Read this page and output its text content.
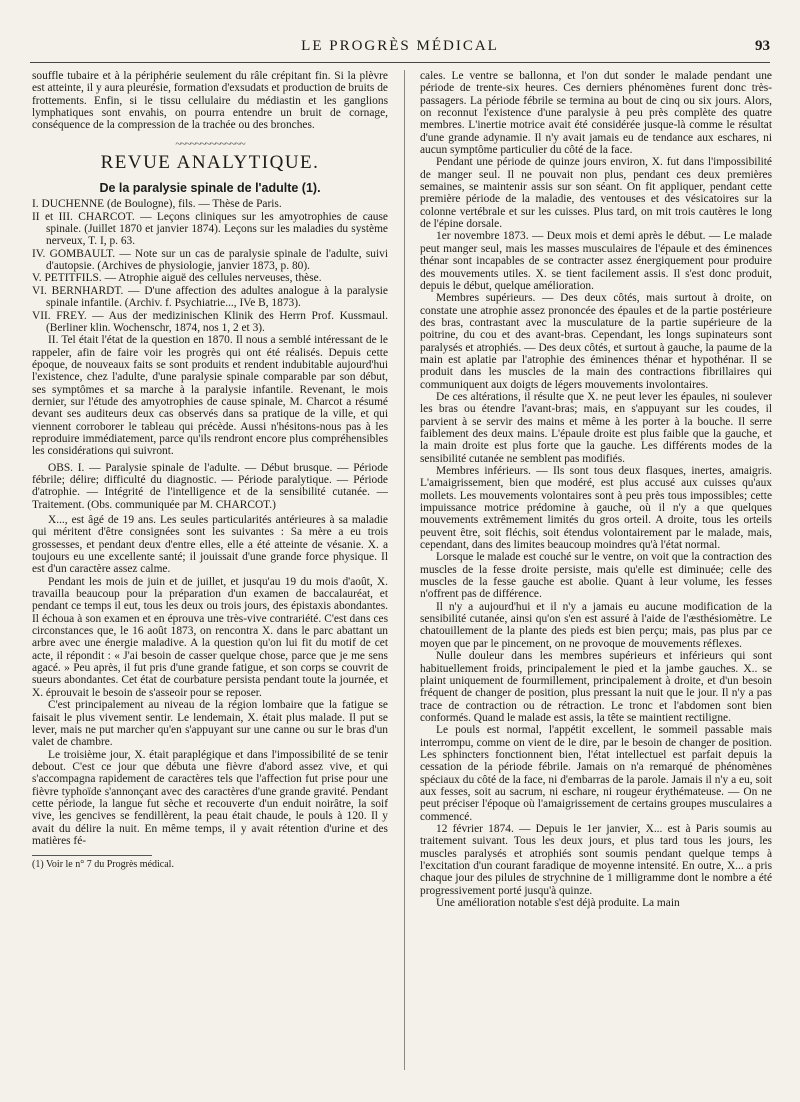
LE PROGRÈS MÉDICAL	93

souffle tubaire et à la périphérie seulement du râle crépitant fin. Si la plèvre est atteinte, il y aura pleurésie, formation d'exsudats et production de bruits de frottements. Enfin, si le tissu cellulaire du médiastin et les ganglions lymphatiques sont envahis, on pourra entendre un bruit de cornage, conséquence de la compression de la trachée ou des bronches.

~~~~~~~~~~~~~~
REVUE ANALYTIQUE.
De la paralysie spinale de l'adulte (1).

I. DUCHENNE (de Boulogne), fils. — Thèse de Paris.

II et III. CHARCOT. — Leçons cliniques sur les amyotrophies de cause spinale. (Juillet 1870 et janvier 1874). Leçons sur les maladies du système nerveux, T. I, p. 63.

IV. GOMBAULT. — Note sur un cas de paralysie spinale de l'adulte, suivi d'autopsie. (Archives de physiologie, janvier 1873, p. 80).

V. PETITFILS. — Atrophie aiguë des cellules nerveuses, thèse.

VI. BERNHARDT. — D'une affection des adultes analogue à la paralysie spinale infantile. (Archiv. f. Psychiatrie..., IVe B, 1873).

VII. FREY. — Aus der medizinischen Klinik des Herrn Prof. Kussmaul. (Berliner klin. Wochenschr, 1874, nos 1, 2 et 3).

II. Tel était l'état de la question en 1870. Il nous a semblé intéressant de le rappeler, afin de faire voir les progrès qui ont été réalisés. Depuis cette époque, de nouveaux faits se sont produits et rendent indubitable aujourd'hui l'existence, chez l'adulte, d'une paralysie spinale comparable par son début, ses symptômes et sa marche à la paralysie infantile. Revenant, le mois dernier, sur l'étude des amyotrophies de cause spinale, M. Charcot a résumé devant ses auditeurs deux cas observés dans sa pratique de la ville, et qui viennent corroborer le tableau qui précède. Aussi n'hésitons-nous pas à les reproduire immédiatement, parce qu'ils rendront encore plus compréhensibles les considérations qui suivront.

OBS. I. — Paralysie spinale de l'adulte. — Début brusque. — Période fébrile; délire; difficulté du diagnostic. — Période paralytique. — Période d'atrophie. — Intégrité de l'intelligence et de la sensibilité cutanée. — Traitement. (Obs. communiquée par M. CHARCOT.)

X..., est âgé de 19 ans. Les seules particularités antérieures à sa maladie qui méritent d'être consignées sont les suivantes : Sa mère a eu trois grossesses, et pendant deux d'entre elles, elle a été atteinte de vésanie. X. a toujours eu une excellente santé; il jouissait d'une grande force physique. Il est d'un caractère assez calme.

Pendant les mois de juin et de juillet, et jusqu'au 19 du mois d'août, X. travailla beaucoup pour la préparation d'un examen de baccalauréat, et pendant ce temps il eut, tous les deux ou trois jours, des épistaxis abondantes. Il échoua à son examen et en éprouva une très-vive contrariété. C'est dans ces circonstances que, le 16 août 1873, on rencontra X. dans le parc abattant un arbre avec une énergie maladive. A la question qu'on lui fit du motif de cet acte, il répondit : « J'ai besoin de casser quelque chose, parce que je me sens agacé. » Peu après, il fut pris d'une grande fatigue, et son corps se couvrit de sueurs abondantes. Cet état de courbature persista pendant toute la journée, et X. éprouvait le besoin de s'asseoir pour se reposer.

C'est principalement au niveau de la région lombaire que la fatigue se faisait le plus vivement sentir. Le lendemain, X. était plus malade. Il put se lever, mais ne put marcher qu'en s'appuyant sur une canne ou sur le bras d'un valet de chambre.

Le troisième jour, X. était paraplégique et dans l'impossibilité de se tenir debout. C'est ce jour que débuta une fièvre d'abord assez vive, et qui s'accompagna rapidement de caractères tels que l'affection fut prise pour une fièvre typhoïde s'annonçant avec des caractères d'une grande gravité. Pendant cette période, la langue fut sèche et recouverte d'un enduit noirâtre, la soif vive, les gencives se fendillèrent, la peau était chaude, le pouls à 120. Il y avait du délire la nuit. En même temps, il y avait rétention d'urine et des matières fé-

(1) Voir le n° 7 du Progrès médical.

cales. Le ventre se ballonna, et l'on dut sonder le malade pendant une période de trente-six heures. Ces derniers phénomènes furent donc très-passagers. La période fébrile se termina au bout de cinq ou six jours. Alors, on reconnut l'existence d'une paralysie à peu près complète des quatre membres. L'inertie motrice avait été considérée jusque-là comme le résultat d'une grande adynamie. Il n'y avait jamais eu de tendance aux eschares, ni aucun symptôme particulier du côté de la face.

Pendant une période de quinze jours environ, X. fut dans l'impossibilité de manger seul. Il ne pouvait non plus, pendant ces deux premières semaines, se maintenir assis sur son séant. On fit appliquer, pendant cette première période de la maladie, des ventouses et des vésicatoires sur la colonne vertébrale et sur les cuisses. Plus tard, on mit trois cautères le long de l'épine dorsale.

1er novembre 1873. — Deux mois et demi après le début. — Le malade peut manger seul, mais les masses musculaires de l'épaule et des éminences thénar sont incapables de se contracter assez énergiquement pour produire des mouvements utiles. X. se tient facilement assis. Il s'est donc produit, depuis le début, quelque amélioration.

Membres supérieurs. — Des deux côtés, mais surtout à droite, on constate une atrophie assez prononcée des épaules et de la partie postérieure des bras, contrastant avec la musculature de la partie supérieure de la poitrine, du cou et des avant-bras. Cependant, les longs supinateurs sont paralysés et atrophiés. — Des deux côtés, et surtout à gauche, la paume de la main est aplatie par l'atrophie des éminences thénar et hypothénar. Il se produit dans les muscles de la main des contractions fibrillaires qui communiquent aux doigts de légers mouvements involontaires.

De ces altérations, il résulte que X. ne peut lever les épaules, ni soulever les bras ou étendre l'avant-bras; mais, en s'appuyant sur les coudes, il parvient à se servir des mains et même à les porter à la bouche. Il serre faiblement des deux mains. L'épaule droite est plus faible que la gauche, et la main droite est plus forte que la gauche. Les différents modes de la sensibilité cutanée ne semblent pas modifiés.

Membres inférieurs. — Ils sont tous deux flasques, inertes, amaigris. L'amaigrissement, bien que modéré, est plus accusé aux cuisses qu'aux mollets. Les mouvements volontaires sont à peu près tous impossibles; cette impuissance motrice prédomine à gauche, où il n'y a que quelques mouvements extrêmement limités du gros orteil. A droite, tous les orteils peuvent être, soit fléchis, soit étendus volontairement par le malade, mais, cependant, dans des limites beaucoup moindres qu'à l'état normal.

Lorsque le malade est couché sur le ventre, on voit que la contraction des muscles de la fesse droite persiste, mais qu'elle est diminuée; celle des muscles de la fesse gauche est abolie. Quant à leur volume, les fesses n'offrent pas de différence.

Il n'y a aujourd'hui et il n'y a jamais eu aucune modification de la sensibilité cutanée, ainsi qu'on s'en est assuré à l'aide de l'æsthésiomètre. Le chatouillement de la plante des pieds est bien perçu; mais, pas plus par ce moyen que par le pincement, on ne provoque de mouvements réflexes.

Nulle douleur dans les membres supérieurs et inférieurs qui sont habituellement froids, principalement le pied et la jambe gauches. X.. se plaint uniquement de fourmillement, principalement à droite, et d'un besoin fréquent de changer de position, plus pressant la nuit que le jour. Il n'y a pas trace de contraction ou de rétraction. Le tronc et l'abdomen sont bien conformés. Quand le malade est assis, la tête se maintient rectiligne.

Le pouls est normal, l'appétit excellent, le sommeil passable mais interrompu, comme on vient de le dire, par le besoin de changer de position. Les sphincters fonctionnent bien, l'état intellectuel est parfait depuis la cessation de la période fébrile. Jamais on n'a remarqué de phénomènes spéciaux du côté de la face, ni d'embarras de la parole. Jamais il n'y a eu, soit aux fesses, soit au sacrum, ni eschare, ni rougeur érythémateuse. — On ne peut préciser l'époque où l'amaigrissement de certains groupes musculaires a commencé.

12 février 1874. — Depuis le 1er janvier, X... est à Paris soumis au traitement suivant. Tous les deux jours, et plus tard tous les jours, les muscles paralysés et atrophiés sont soumis pendant quelque temps à l'excitation d'un courant faradique de moyenne intensité. En outre, X... a pris chaque jour des pilules de strychnine de 1 milligramme dont le nombre a été progressivement porté jusqu'à quinze.

Une amélioration notable s'est déjà produite. La main
